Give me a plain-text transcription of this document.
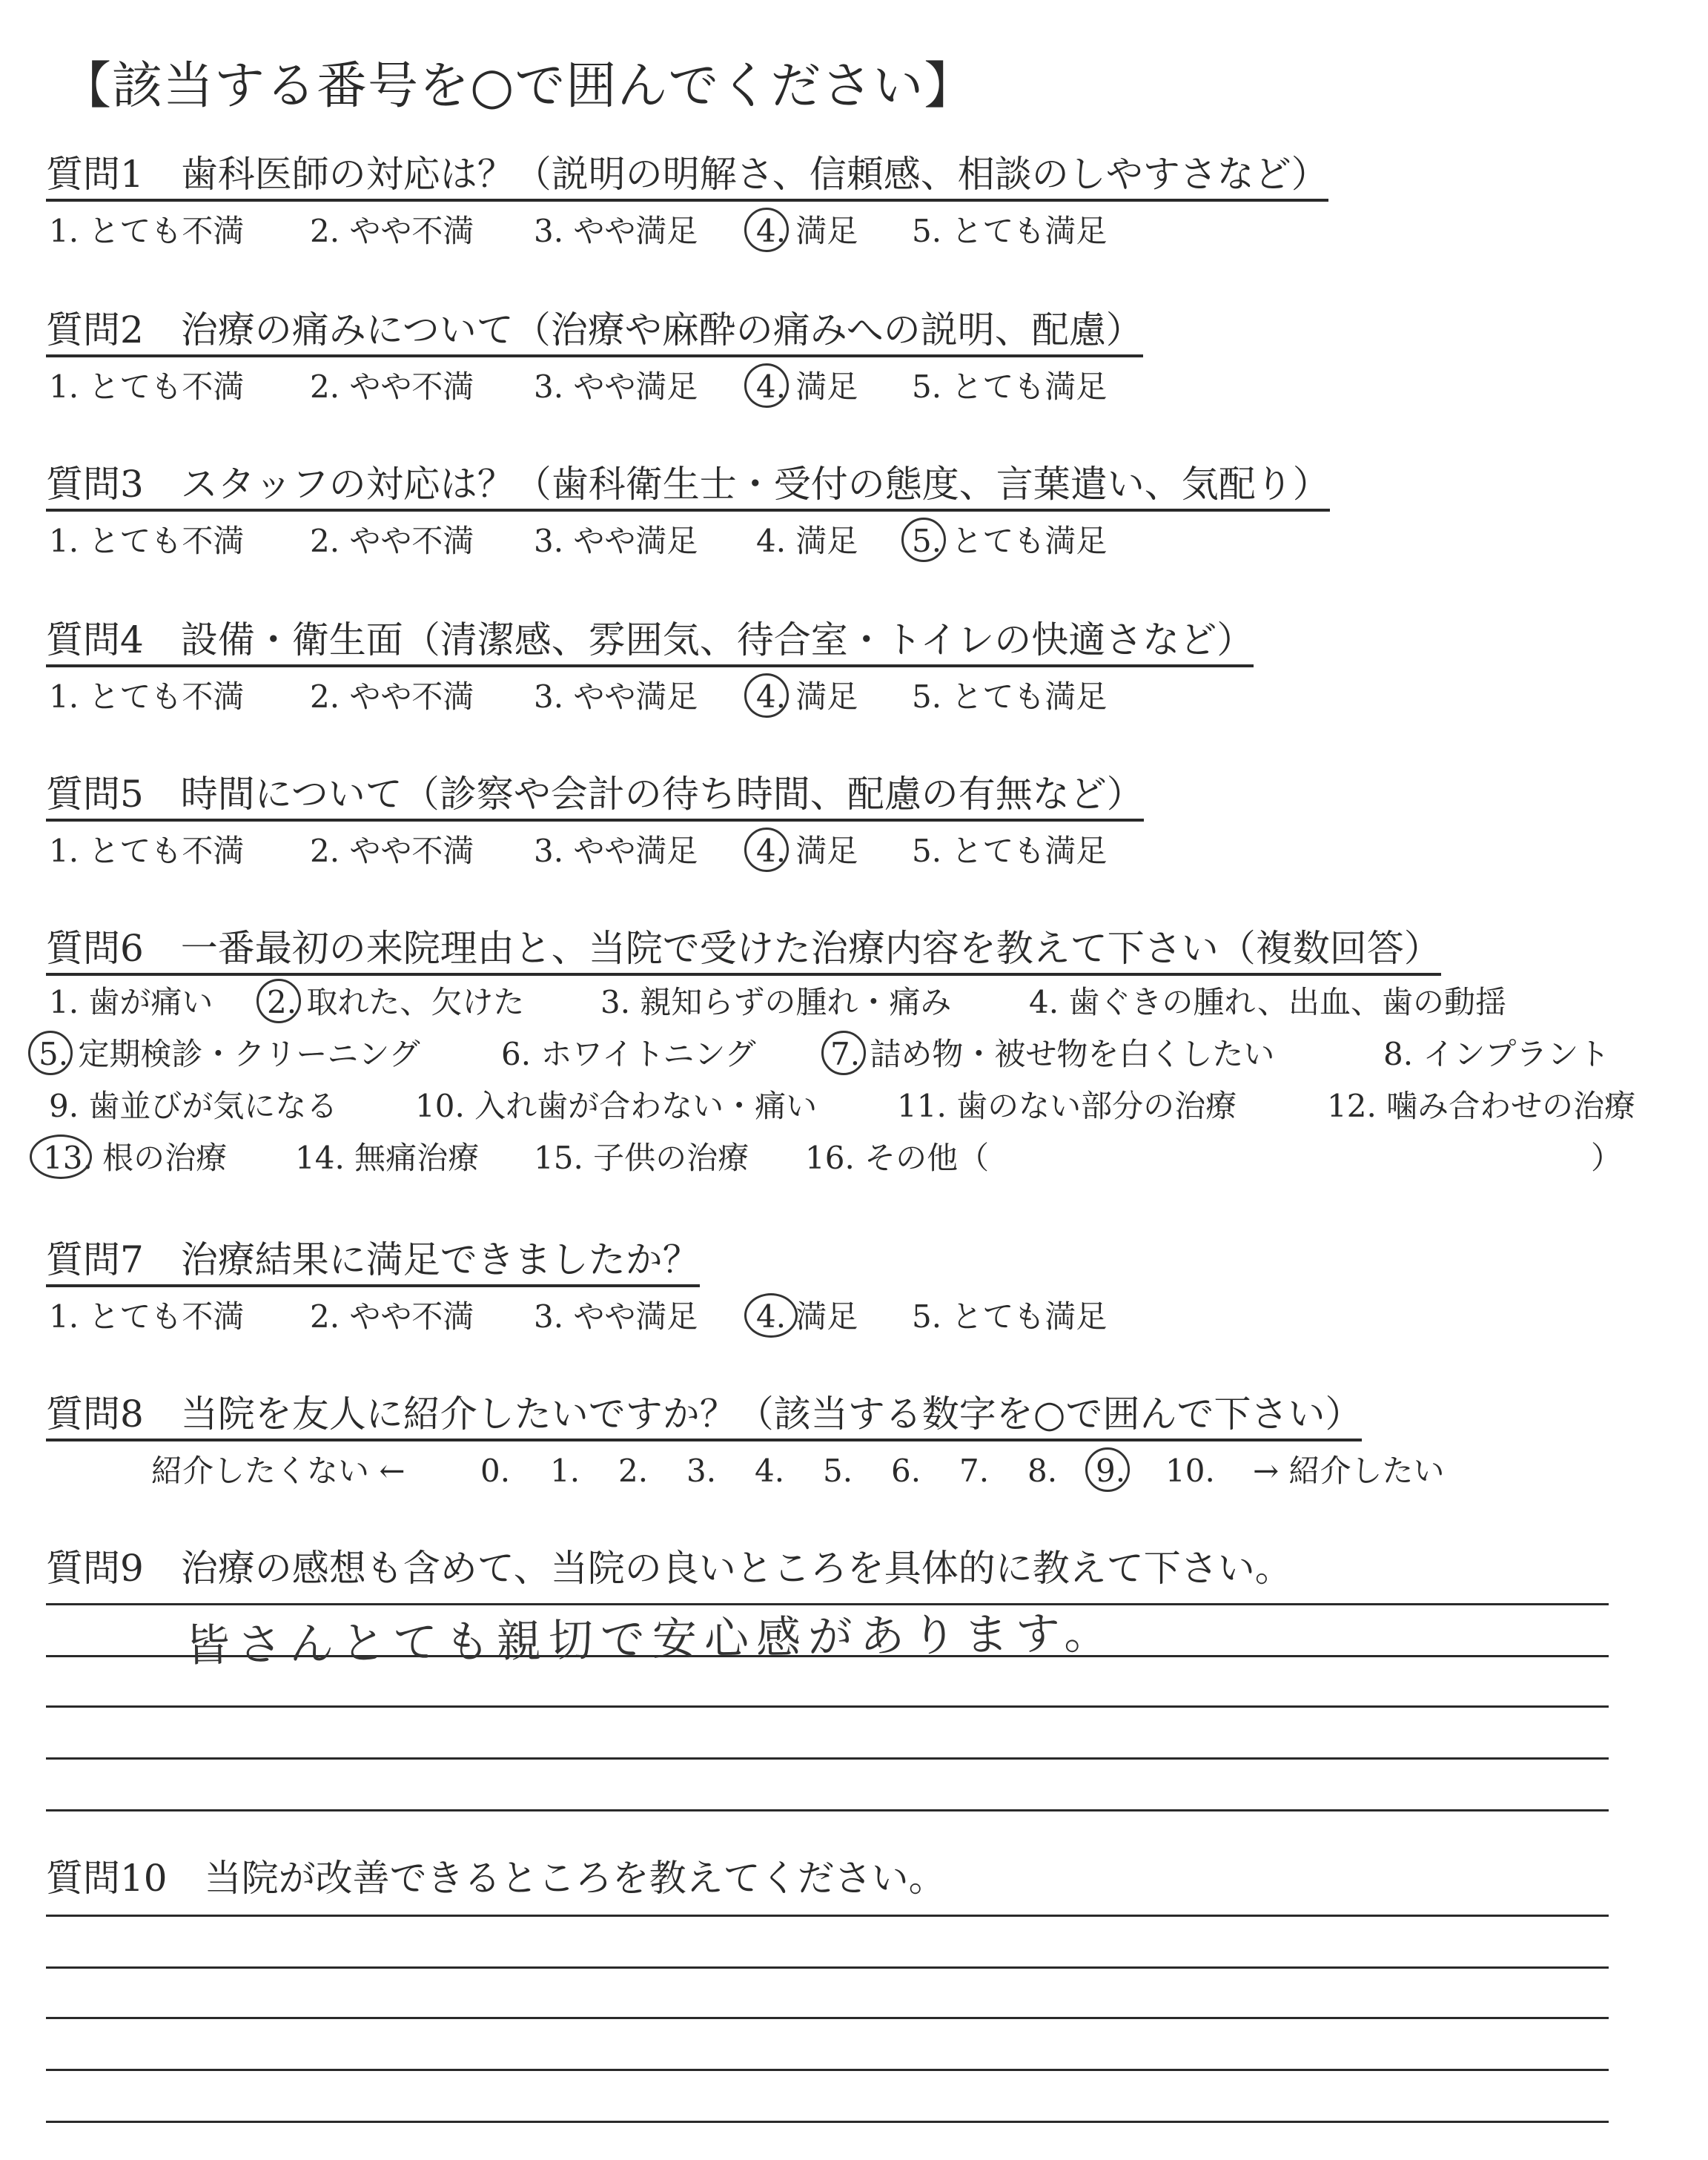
【該当する番号を○で囲んでください】
質問1　歯科医師の対応は？（説明の明解さ、信頼感、相談のしやすさなど）
1. とても不満 2. やや不満 3. やや満足 4. 満足 5. とても満足
質問2　治療の痛みについて（治療や麻酔の痛みへの説明、配慮）
1. とても不満 2. やや不満 3. やや満足 4. 満足 5. とても満足
質問3　スタッフの対応は？（歯科衛生士・受付の態度、言葉遣い、気配り）
1. とても不満 2. やや不満 3. やや満足 4. 満足 5. とても満足
質問4　設備・衛生面（清潔感、雰囲気、待合室・トイレの快適さなど）
1. とても不満 2. やや不満 3. やや満足 4. 満足 5. とても満足
質問5　時間について（診察や会計の待ち時間、配慮の有無など）
1. とても不満 2. やや不満 3. やや満足 4. 満足 5. とても満足
質問6　一番最初の来院理由と、当院で受けた治療内容を教えて下さい（複数回答）
1. 歯が痛い 2. 取れた、欠けた 3. 親知らずの腫れ・痛み 4. 歯ぐきの腫れ、出血、歯の動揺
5. 定期検診・クリーニング	6. ホワイトニング 7. 詰め物・被せ物を白くしたい	8. インプラント
9. 歯並びが気になる 10. 入れ歯が合わない・痛い	11. 歯のない部分の治療	12. 噛み合わせの治療
13. 根の治療 14. 無痛治療 15. 子供の治療 16. その他（	）
質問7　治療結果に満足できましたか？
1. とても不満 2. やや不満 3. やや満足 4. 満足 5. とても満足
質問8　当院を友人に紹介したいですか？（該当する数字を○で囲んで下さい）
紹介したくない ← 0. 1. 2. 3. 4. 5. 6. 7. 8. 9. 10. → 紹介したい
質問9　治療の感想も含めて、当院の良いところを具体的に教えて下さい。
皆さんとても親切で安心感があります。
質問10　当院が改善できるところを教えてください。
